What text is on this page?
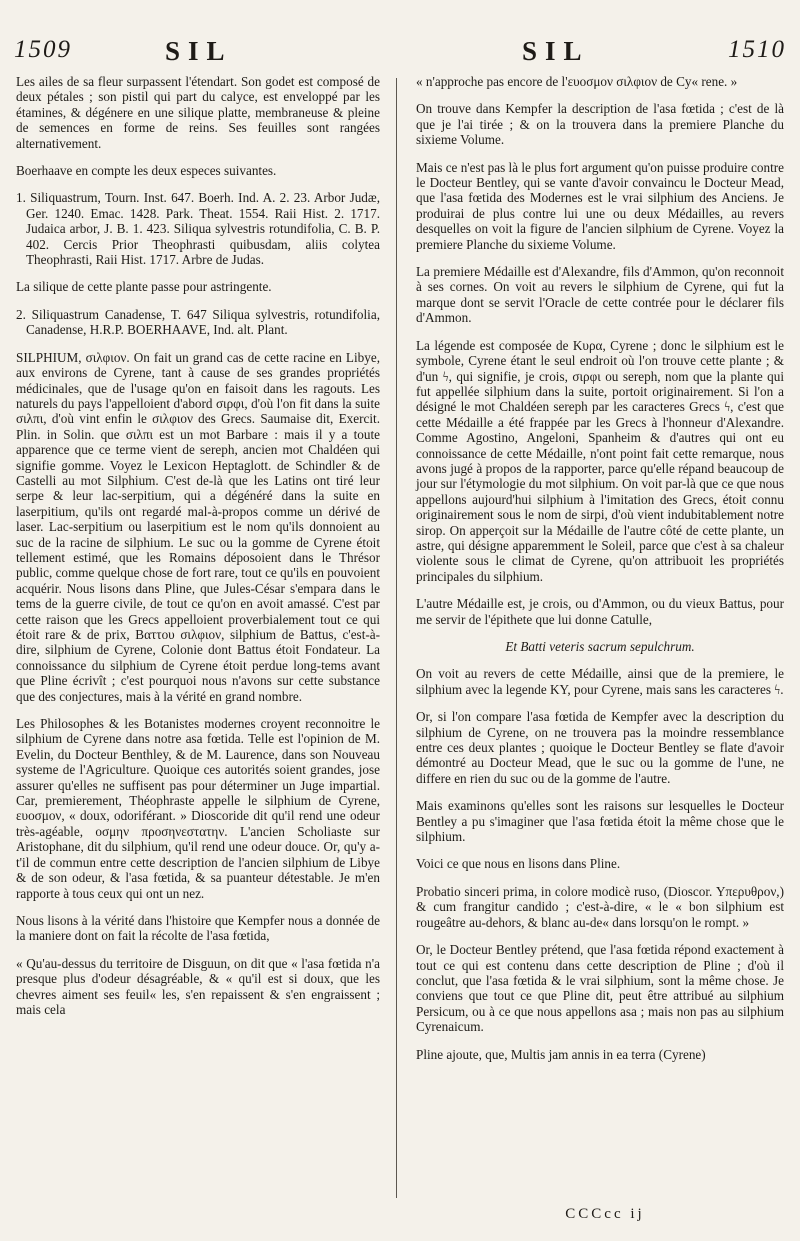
1509	SIL	SIL	1510

Les ailes de sa fleur surpassent l'étendart. Son godet est composé de deux pétales ; son pistil qui part du calyce, est enveloppé par les étamines, & dégénere en une silique platte, membraneuse & pleine de semences en forme de reins. Ses feuilles sont rangées alternativement.

Boerhaave en compte les deux especes suivantes.

1. Siliquastrum, Tourn. Inst. 647. Boerh. Ind. A. 2. 23. Arbor Judæ, Ger. 1240. Emac. 1428. Park. Theat. 1554. Raii Hist. 2. 1717. Judaica arbor, J. B. 1. 423. Siliqua sylvestris rotundifolia, C. B. P. 402. Cercis Prior Theophrasti quibusdam, aliis colytea Theophrasti, Raii Hist. 1717. Arbre de Judas.

La silique de cette plante passe pour astringente.

2. Siliquastrum Canadense, T. 647 Siliqua sylvestris, rotundifolia, Canadense, H.R.P. BOERHAAVE, Ind. alt. Plant.

SILPHIUM, σιλφιον. On fait un grand cas de cette racine en Libye, aux environs de Cyrene, tant à cause de ses grandes propriétés médicinales, que de l'usage qu'on en faisoit dans les ragouts. Les naturels du pays l'appelloient d'abord σιρφι, d'où l'on fit dans la suite σιλπι, d'où vint enfin le σιλφιον des Grecs. Saumaise dit, Exercit. Plin. in Solin. que σιλπι est un mot Barbare : mais il y a toute apparence que ce terme vient de sereph, ancien mot Chaldéen qui signifie gomme. Voyez le Lexicon Heptaglott. de Schindler & de Castelli au mot Silphium. C'est de-là que les Latins ont tiré leur serpe & leur lac-serpitium, qui a dégénéré dans la suite en laserpitium, qu'ils ont regardé mal-à-propos comme un dérivé de laser. Lac-serpitium ou laserpitium est le nom qu'ils donnoient au suc de la racine de silphium. Le suc ou la gomme de Cyrene étoit tellement estimé, que les Romains déposoient dans le Thrésor public, comme quelque chose de fort rare, tout ce qu'ils en pouvoient acquérir. Nous lisons dans Pline, que Jules-César s'empara dans le tems de la guerre civile, de tout ce qu'on en avoit amassé. C'est par cette raison que les Grecs appelloient proverbialement tout ce qui étoit rare & de prix, Βαττου σιλφιον, silphium de Battus, c'est-à-dire, silphium de Cyrene, Colonie dont Battus étoit Fondateur. La connoissance du silphium de Cyrene étoit perdue long-tems avant que Pline écrivît ; c'est pourquoi nous n'avons sur cette substance que des conjectures, mais à la vérité en grand nombre.

Les Philosophes & les Botanistes modernes croyent reconnoitre le silphium de Cyrene dans notre asa fœtida. Telle est l'opinion de M. Evelin, du Docteur Benthley, & de M. Laurence, dans son Nouveau systeme de l'Agriculture. Quoique ces autorités soient grandes, jose assurer qu'elles ne suffisent pas pour déterminer un Juge impartial. Car, premierement, Théophraste appelle le silphium de Cyrene, ευοσμον, « doux, odoriférant. » Dioscoride dit qu'il rend une odeur très-agéable, οσμην προσηνεστατην. L'ancien Scholiaste sur Aristophane, dit du silphium, qu'il rend une odeur douce. Or, qu'y a-t'il de commun entre cette description de l'ancien silphium de Libye & de son odeur, & l'asa fœtida, & sa puanteur détestable. Je m'en rapporte à tous ceux qui ont un nez.

Nous lisons à la vérité dans l'histoire que Kempfer nous a donnée de la maniere dont on fait la récolte de l'asa fœtida,

« Qu'au-dessus du territoire de Disguun, on dit que « l'asa fœtida n'a presque plus d'odeur désagréable, & « qu'il est si doux, que les chevres aiment ses feuil« les, s'en repaissent & s'en engraissent ; mais cela

« n'approche pas encore de l'ευοσμον σιλφιον de Cy« rene. »

On trouve dans Kempfer la description de l'asa fœtida ; c'est de là que je l'ai tirée ; & on la trouvera dans la premiere Planche du sixieme Volume.

Mais ce n'est pas là le plus fort argument qu'on puisse produire contre le Docteur Bentley, qui se vante d'avoir convaincu le Docteur Mead, que l'asa fœtida des Modernes est le vrai silphium des Anciens. Je produirai de plus contre lui une ou deux Médailles, au revers desquelles on voit la figure de l'ancien silphium de Cyrene. Voyez la premiere Planche du sixieme Volume.

La premiere Médaille est d'Alexandre, fils d'Ammon, qu'on reconnoit à ses cornes. On voit au revers le silphium de Cyrene, qui fut la marque dont se servit l'Oracle de cette contrée pour le déclarer fils d'Ammon.

La légende est composée de Κυρα, Cyrene ; donc le silphium est le symbole, Cyrene étant le seul endroit où l'on trouve cette plante ; & d'un ϟ, qui signifie, je crois, σιρφι ou sereph, nom que la plante qui fut appellée silphium dans la suite, portoit originairement. Si l'on a désigné le mot Chaldéen sereph par les caracteres Grecs ϟ, c'est que cette Médaille a été frappée par les Grecs à l'honneur d'Alexandre. Comme Agostino, Angeloni, Spanheim & d'autres qui ont eu connoissance de cette Médaille, n'ont point fait cette remarque, nous avons jugé à propos de la rapporter, parce qu'elle répand beaucoup de jour sur l'étymologie du mot silphium. On voit par-là que ce que nous appellons aujourd'hui silphium à l'imitation des Grecs, étoit connu originairement sous le nom de sirpi, d'où vient indubitablement notre sirop. On apperçoit sur la Médaille de l'autre côté de cette plante, un astre, qui désigne apparemment le Soleil, parce que c'est à sa chaleur violente sous le climat de Cyrene, qu'on attribuoit les propriétés principales du silphium.

L'autre Médaille est, je crois, ou d'Ammon, ou du vieux Battus, pour me servir de l'épithete que lui donne Catulle,

Et Batti veteris sacrum sepulchrum.

On voit au revers de cette Médaille, ainsi que de la premiere, le silphium avec la legende ΚΥ, pour Cyrene, mais sans les caracteres ϟ.

Or, si l'on compare l'asa fœtida de Kempfer avec la description du silphium de Cyrene, on ne trouvera pas la moindre ressemblance entre ces deux plantes ; quoique le Docteur Bentley se flate d'avoir démontré au Docteur Mead, que le suc ou la gomme de l'une, ne differe en rien du suc ou de la gomme de l'autre.

Mais examinons qu'elles sont les raisons sur lesquelles le Docteur Bentley a pu s'imaginer que l'asa fœtida étoit la même chose que le silphium.

Voici ce que nous en lisons dans Pline.

Probatio sinceri prima, in colore modicè ruso, (Dioscor. Υπερυθρον,) & cum frangitur candido ; c'est-à-dire, « le « bon silphium est rougeâtre au-dehors, & blanc au-de« dans lorsqu'on le rompt. »

Or, le Docteur Bentley prétend, que l'asa fœtida répond exactement à tout ce qui est contenu dans cette description de Pline ; d'où il conclut, que l'asa fœtida & le vrai silphium, sont la même chose. Je conviens que tout ce que Pline dit, peut être attribué au silphium Persicum, ou à ce que nous appellons asa ; mais non pas au silphium Cyrenaicum.

Pline ajoute, que, Multis jam annis in ea terra (Cyrene)

CCCcc ij
